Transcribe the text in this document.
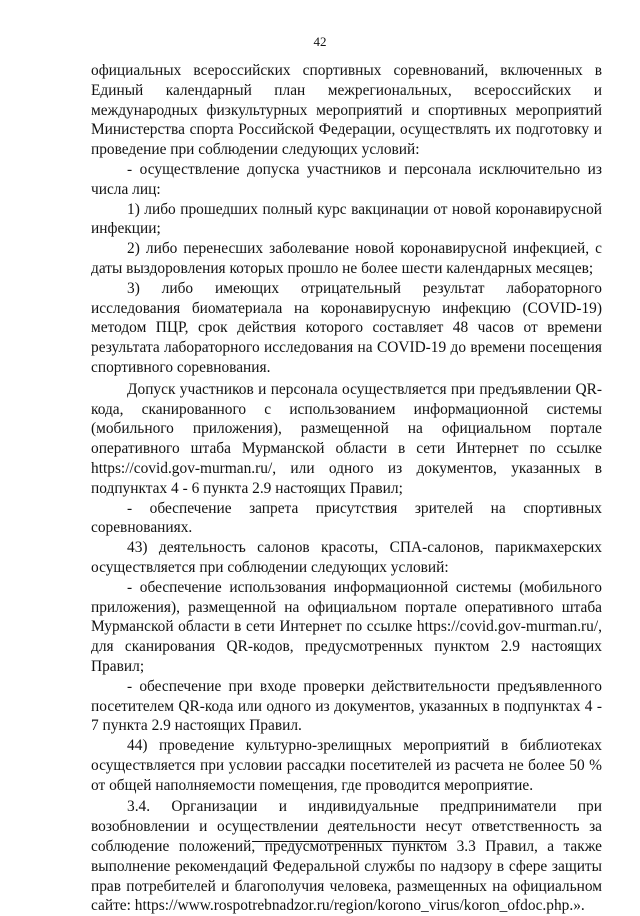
42

официальных всероссийских спортивных соревнований, включенных в Единый календарный план межрегиональных, всероссийских и международных физкультурных мероприятий и спортивных мероприятий Министерства спорта Российской Федерации, осуществлять их подготовку и проведение при соблюдении следующих условий:

- осуществление допуска участников и персонала исключительно из числа лиц:

1) либо прошедших полный курс вакцинации от новой коронавирусной инфекции;

2) либо перенесших заболевание новой коронавирусной инфекцией, с даты выздоровления которых прошло не более шести календарных месяцев;

3) либо имеющих отрицательный результат лабораторного исследования биоматериала на коронавирусную инфекцию (COVID-19) методом ПЦР, срок действия которого составляет 48 часов от времени результата лабораторного исследования на COVID-19 до времени посещения спортивного соревнования.

Допуск участников и персонала осуществляется при предъявлении QR-кода, сканированного с использованием информационной системы (мобильного приложения), размещенной на официальном портале оперативного штаба Мурманской области в сети Интернет по ссылке https://covid.gov-murman.ru/, или одного из документов, указанных в подпунктах 4 - 6 пункта 2.9 настоящих Правил;

- обеспечение запрета присутствия зрителей на спортивных соревнованиях.

43) деятельность салонов красоты, СПА-салонов, парикмахерских осуществляется при соблюдении следующих условий:

- обеспечение использования информационной системы (мобильного приложения), размещенной на официальном портале оперативного штаба Мурманской области в сети Интернет по ссылке https://covid.gov-murman.ru/, для сканирования QR-кодов, предусмотренных пунктом 2.9 настоящих Правил;

- обеспечение при входе проверки действительности предъявленного посетителем QR-кода или одного из документов, указанных в подпунктах 4 - 7 пункта 2.9 настоящих Правил.

44) проведение культурно-зрелищных мероприятий в библиотеках осуществляется при условии рассадки посетителей из расчета не более 50 % от общей наполняемости помещения, где проводится мероприятие.

3.4. Организации и индивидуальные предприниматели при возобновлении и осуществлении деятельности несут ответственность за соблюдение положений, предусмотренных пунктом 3.3 Правил, а также выполнение рекомендаций Федеральной службы по надзору в сфере защиты прав потребителей и благополучия человека, размещенных на официальном сайте: https://www.rospotrebnadzor.ru/region/korono_virus/koron_ofdoc.php.».
